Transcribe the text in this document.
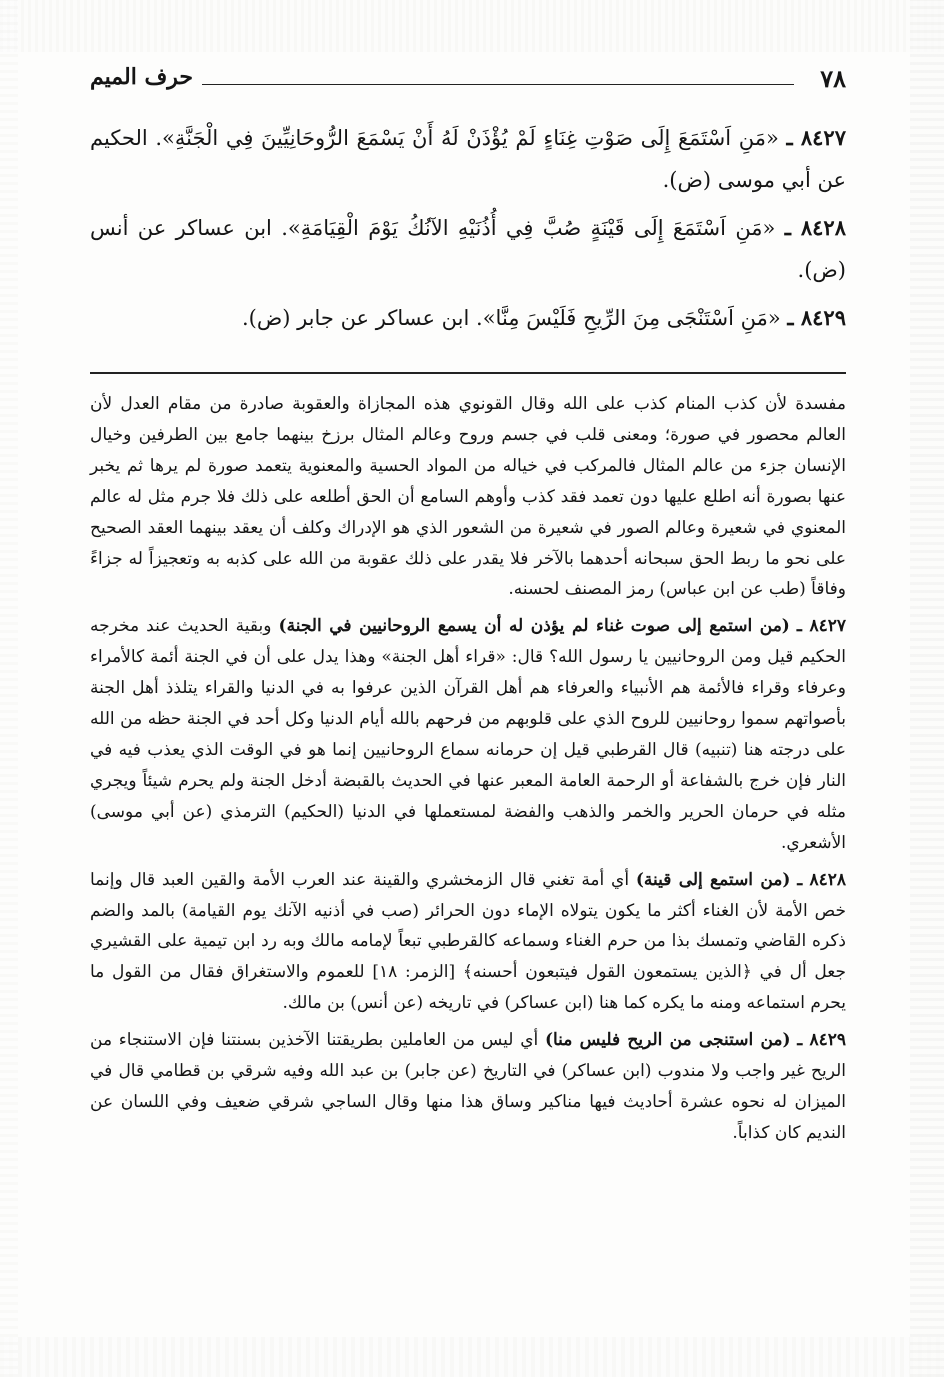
٧٨
حرف الميم

٨٤٢٧ ـ «مَنِ اَسْتَمَعَ إِلَى صَوْتِ غِنَاءٍ لَمْ يُؤْذَنْ لَهُ أَنْ يَسْمَعَ الرُّوحَانِيِّينَ فِي الْجَنَّةِ». الحكيم عن أبي موسى (ض).

٨٤٢٨ ـ «مَنِ اَسْتَمَعَ إِلَى قَيْنَةٍ صُبَّ فِي أُذُنَيْهِ الآنُكُ يَوْمَ الْقِيَامَةِ». ابن عساكر عن أنس (ض).

٨٤٢٩ ـ «مَنِ اَسْتَنْجَى مِنَ الرِّيحِ فَلَيْسَ مِنَّا». ابن عساكر عن جابر (ض).

مفسدة لأن كذب المنام كذب على الله وقال القونوي هذه المجازاة والعقوبة صادرة من مقام العدل لأن العالم محصور في صورة؛ ومعنى قلب في جسم وروح وعالم المثال برزخ بينهما جامع بين الطرفين وخيال الإنسان جزء من عالم المثال فالمركب في خياله من المواد الحسية والمعنوية يتعمد صورة لم يرها ثم يخبر عنها بصورة أنه اطلع عليها دون تعمد فقد كذب وأوهم السامع أن الحق أطلعه على ذلك فلا جرم مثل له عالم المعنوي في شعيرة وعالم الصور في شعيرة من الشعور الذي هو الإدراك وكلف أن يعقد بينهما العقد الصحيح على نحو ما ربط الحق سبحانه أحدهما بالآخر فلا يقدر على ذلك عقوبة من الله على كذبه به وتعجيزاً له جزاءً وفاقاً (طب عن ابن عباس) رمز المصنف لحسنه.

٨٤٢٧ ـ (من استمع إلى صوت غناء لم يؤذن له أن يسمع الروحانيين في الجنة) وبقية الحديث عند مخرجه الحكيم قيل ومن الروحانيين يا رسول الله؟ قال: «قراء أهل الجنة» وهذا يدل على أن في الجنة أئمة كالأمراء وعرفاء وقراء فالأئمة هم الأنبياء والعرفاء هم أهل القرآن الذين عرفوا به في الدنيا والقراء يتلذذ أهل الجنة بأصواتهم سموا روحانيين للروح الذي على قلوبهم من فرحهم بالله أيام الدنيا وكل أحد في الجنة حظه من الله على درجته هنا (تنبيه) قال القرطبي قيل إن حرمانه سماع الروحانيين إنما هو في الوقت الذي يعذب فيه في النار فإن خرج بالشفاعة أو الرحمة العامة المعبر عنها في الحديث بالقبضة أدخل الجنة ولم يحرم شيئاً ويجري مثله في حرمان الحرير والخمر والذهب والفضة لمستعملها في الدنيا (الحكيم) الترمذي (عن أبي موسى) الأشعري.

٨٤٢٨ ـ (من استمع إلى قينة) أي أمة تغني قال الزمخشري والقينة عند العرب الأمة والقين العبد قال وإنما خص الأمة لأن الغناء أكثر ما يكون يتولاه الإماء دون الحرائر (صب في أذنيه الآنك يوم القيامة) بالمد والضم ذكره القاضي وتمسك بذا من حرم الغناء وسماعه كالقرطبي تبعاً لإمامه مالك وبه رد ابن تيمية على القشيري جعل أل في ﴿الذين يستمعون القول فيتبعون أحسنه﴾ [الزمر: ١٨] للعموم والاستغراق فقال من القول ما يحرم استماعه ومنه ما يكره كما هنا (ابن عساكر) في تاريخه (عن أنس) بن مالك.

٨٤٢٩ ـ (من استنجى من الريح فليس منا) أي ليس من العاملين بطريقتنا الآخذين بسنتنا فإن الاستنجاء من الريح غير واجب ولا مندوب (ابن عساكر) في التاريخ (عن جابر) بن عبد الله وفيه شرقي بن قطامي قال في الميزان له نحوه عشرة أحاديث فيها مناكير وساق هذا منها وقال الساجي شرقي ضعيف وفي اللسان عن النديم كان كذاباً.
